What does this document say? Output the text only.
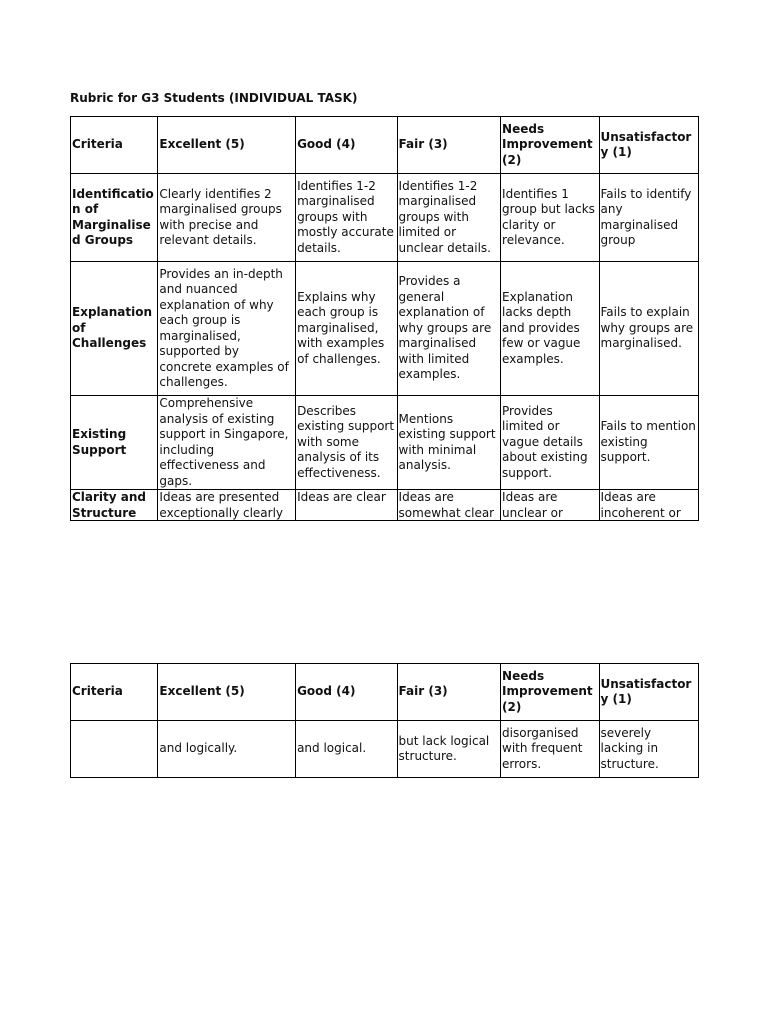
Rubric for G3 Students (INDIVIDUAL TASK)
Criteria	Excellent (5)	Good (4)	Fair (3)	Needs Improvement (2)	Unsatisfactory (1)
Identification of Marginalised Groups	Clearly identifies 2 marginalised groups with precise and relevant details.	Identifies 1-2 marginalised groups with mostly accurate details.	Identifies 1-2 marginalised groups with limited or unclear details.	Identifies 1 group but lacks clarity or relevance.	Fails to identify any marginalised group
Explanation of Challenges	Provides an in-depth and nuanced explanation of why each group is marginalised, supported by concrete examples of challenges.	Explains why each group is marginalised, with examples of challenges.	Provides a general explanation of why groups are marginalised with limited examples.	Explanation lacks depth and provides few or vague examples.	Fails to explain why groups are marginalised.
Existing Support	Comprehensive analysis of existing support in Singapore, including effectiveness and gaps.	Describes existing support with some analysis of its effectiveness.	Mentions existing support with minimal analysis.	Provides limited or vague details about existing support.	Fails to mention existing support.

Clarity and Structure	Ideas are presented exceptionally clearly	Ideas are clear	Ideas are somewhat clear	Ideas are unclear or	Ideas are incoherent or
Criteria	Excellent (5)	Good (4)	Fair (3)	Needs Improvement (2)	Unsatisfactory (1)
	and logically.	and logical.	but lack logical structure.	disorganised with frequent errors.	severely lacking in structure.
